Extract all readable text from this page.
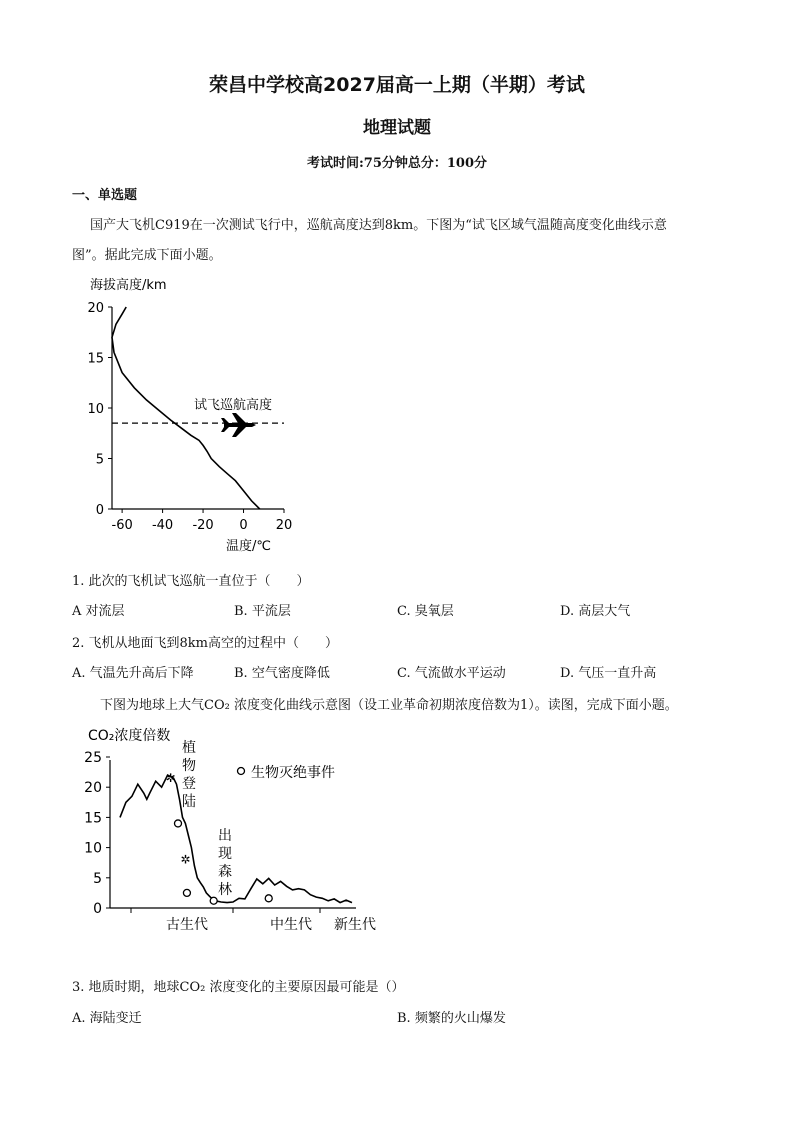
荣昌中学校高2027届高一上期（半期）考试
地理试题
考试时间:75分钟总分：100分
一、单选题
国产大飞机C919在一次测试飞行中，巡航高度达到8km。下图为“试飞区域气温随高度变化曲线示意
图”。据此完成下面小题。
海拔高度/km
0
5
10
15
20
-60 -40 -20 0 20
试飞巡航高度
温度/℃
1. 此次的飞机试飞巡航一直位于（　　）
A 对流层	B. 平流层	C. 臭氧层	D. 高层大气
2. 飞机从地面飞到8km高空的过程中（　　）
A. 气温先升高后下降	B. 空气密度降低	C. 气流做水平运动	D. 气压一直升高
下图为地球上大气CO₂ 浓度变化曲线示意图（设工业革命初期浓度倍数为1）。读图，完成下面小题。
CO₂浓度倍数
0
5
10
15
20
25
✲
✲
植
物
登
陆
出
现
森
林
生物灭绝事件
古生代	中生代 新生代
3. 地质时期，地球CO₂ 浓度变化的主要原因最可能是（）
A. 海陆变迁	B. 频繁的火山爆发
